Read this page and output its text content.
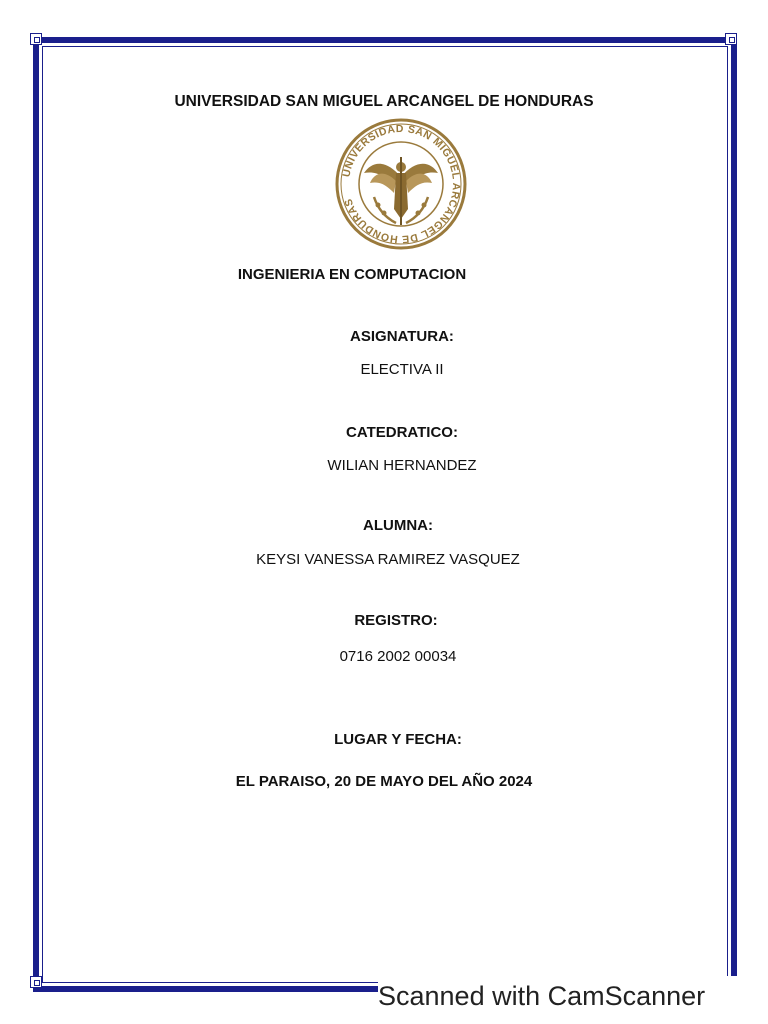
UNIVERSIDAD SAN MIGUEL ARCANGEL DE HONDURAS
UNIVERSIDAD SAN MIGUEL ARCANGEL DE HONDURAS
INGENIERIA EN COMPUTACION
ASIGNATURA:
ELECTIVA II
CATEDRATICO:
WILIAN HERNANDEZ
ALUMNA:
KEYSI VANESSA RAMIREZ VASQUEZ
REGISTRO:
0716 2002 00034
LUGAR Y FECHA:
EL PARAISO, 20 DE MAYO DEL AÑO 2024
Scanned with CamScanner
